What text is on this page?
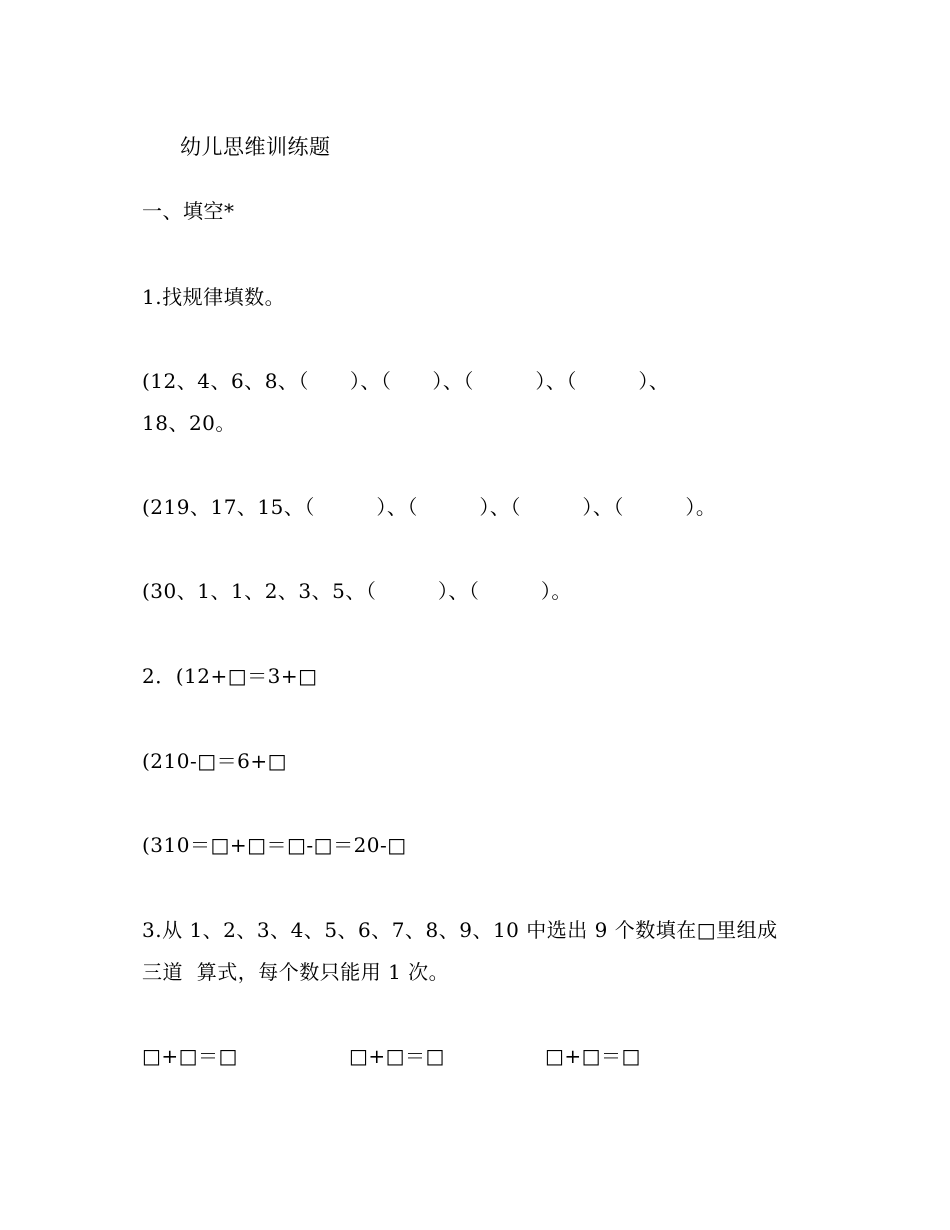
幼儿思维训练题
一、填空*
1.找规律填数。
(12、4、6、8、（　　）、（　　）、（　　　）、（　　　）、
18、20。
(219、17、15、（　　　）、（　　　）、（　　　）、（　　　）。
(30、1、1、2、3、5、（　　　）、（　　　）。
2．(12+□＝3+□
(210-□＝6+□
(310＝□+□＝□-□＝20-□
3.从 1、2、3、4、5、6、7、8、9、10 中选出 9 个数填在□里组成
三道  算式，每个数只能用 1 次。
□+□＝□	□+□＝□	□+□＝□
